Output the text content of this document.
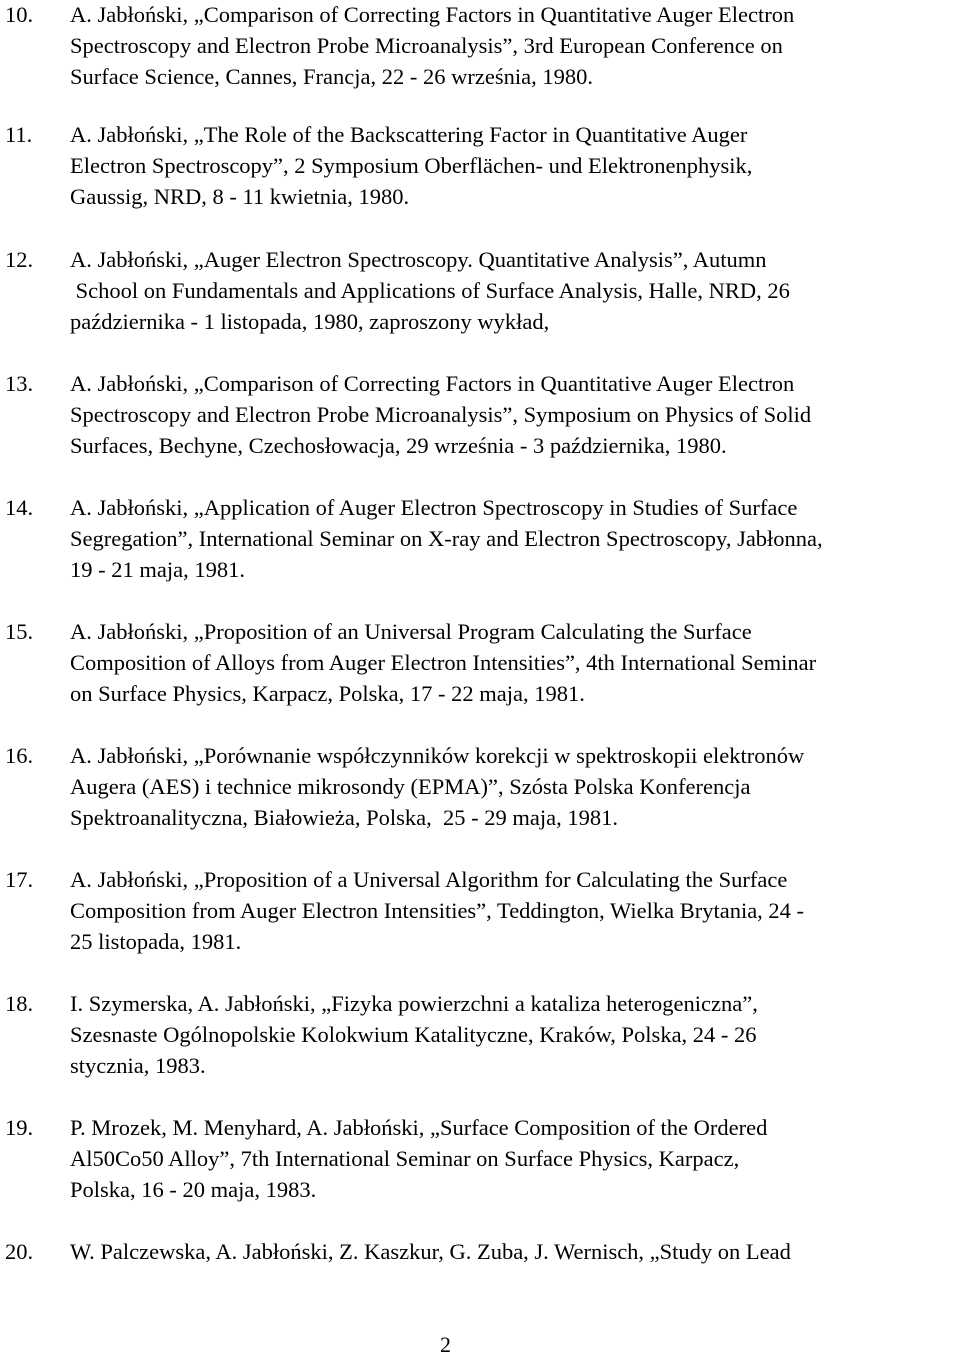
10. A. Jabłoński, „Comparison of Correcting Factors in Quantitative Auger Electron
Spectroscopy and Electron Probe Microanalysis”, 3rd European Conference on
Surface Science, Cannes, Francja, 22 - 26 września, 1980.
11. A. Jabłoński, „The Role of the Backscattering Factor in Quantitative Auger
Electron Spectroscopy”, 2 Symposium Oberflächen- und Elektronenphysik,
Gaussig, NRD, 8 - 11 kwietnia, 1980.
12. A. Jabłoński, „Auger Electron Spectroscopy. Quantitative Analysis”, Autumn
School on Fundamentals and Applications of Surface Analysis, Halle, NRD, 26
października - 1 listopada, 1980, zaproszony wykład,
13. A. Jabłoński, „Comparison of Correcting Factors in Quantitative Auger Electron
Spectroscopy and Electron Probe Microanalysis”, Symposium on Physics of Solid
Surfaces, Bechyne, Czechosłowacja, 29 września - 3 października, 1980.
14. A. Jabłoński, „Application of Auger Electron Spectroscopy in Studies of Surface
Segregation”, International Seminar on X-ray and Electron Spectroscopy, Jabłonna,
19 - 21 maja, 1981.
15. A. Jabłoński, „Proposition of an Universal Program Calculating the Surface
Composition of Alloys from Auger Electron Intensities”, 4th International Seminar
on Surface Physics, Karpacz, Polska, 17 - 22 maja, 1981.
16. A. Jabłoński, „Porównanie współczynników korekcji w spektroskopii elektronów
Augera (AES) i technice mikrosondy (EPMA)”, Szósta Polska Konferencja
Spektroanalityczna, Białowieża, Polska,  25 - 29 maja, 1981.
17. A. Jabłoński, „Proposition of a Universal Algorithm for Calculating the Surface
Composition from Auger Electron Intensities”, Teddington, Wielka Brytania, 24 -
25 listopada, 1981.
18. I. Szymerska, A. Jabłoński, „Fizyka powierzchni a kataliza heterogeniczna”,
Szesnaste Ogólnopolskie Kolokwium Katalityczne, Kraków, Polska, 24 - 26
stycznia, 1983.
19. P. Mrozek, M. Menyhard, A. Jabłoński, „Surface Composition of the Ordered
Al50Co50 Alloy”, 7th International Seminar on Surface Physics, Karpacz,
Polska, 16 - 20 maja, 1983.
20. W. Palczewska, A. Jabłoński, Z. Kaszkur, G. Zuba, J. Wernisch, „Study on Lead
2
